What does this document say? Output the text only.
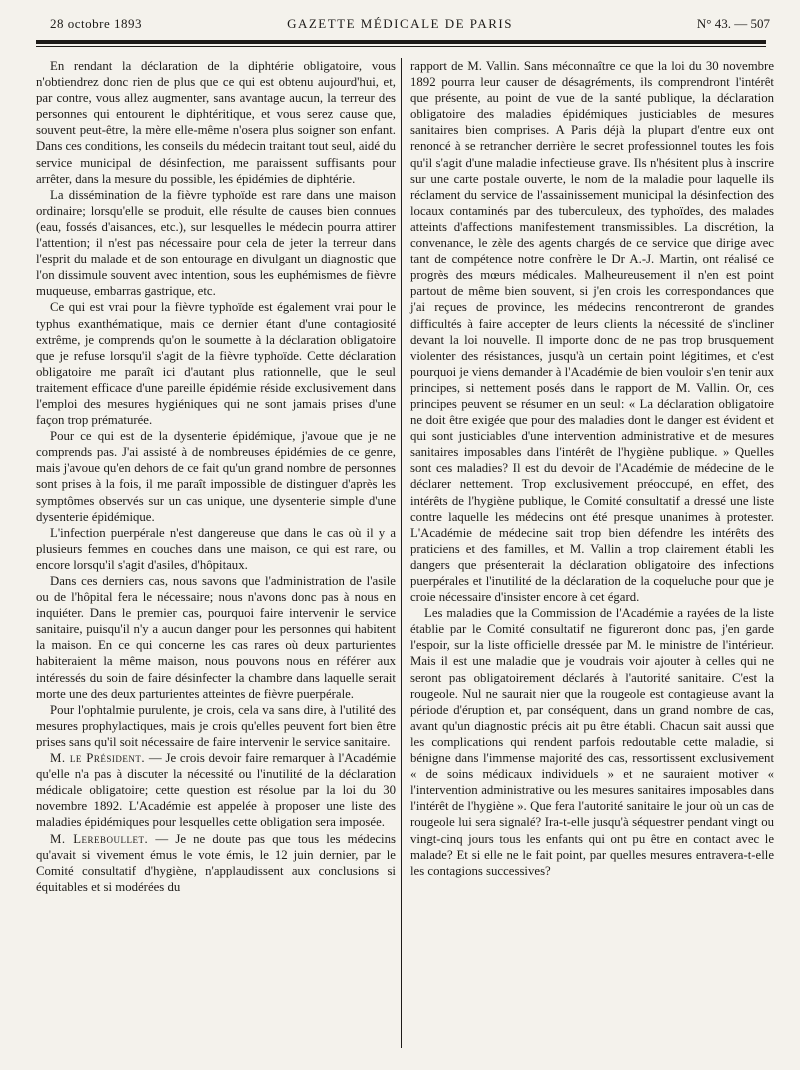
28 octobre 1893	GAZETTE MÉDICALE DE PARIS	N° 43. — 507

En rendant la déclaration de la diphtérie obligatoire, vous n'obtiendrez donc rien de plus que ce qui est obtenu aujourd'hui, et, par contre, vous allez augmenter, sans avantage aucun, la terreur des personnes qui entourent le diphtéritique, et vous serez cause que, souvent peut-être, la mère elle-même n'osera plus soigner son enfant. Dans ces conditions, les conseils du médecin traitant tout seul, aidé du service municipal de désinfection, me paraissent suffisants pour arrêter, dans la mesure du possible, les épidémies de diphtérie.

La dissémination de la fièvre typhoïde est rare dans une maison ordinaire; lorsqu'elle se produit, elle résulte de causes bien connues (eau, fossés d'aisances, etc.), sur lesquelles le médecin pourra attirer l'attention; il n'est pas nécessaire pour cela de jeter la terreur dans l'esprit du malade et de son entourage en divulgant un diagnostic que l'on dissimule souvent avec intention, sous les euphémismes de fièvre muqueuse, embarras gastrique, etc.

Ce qui est vrai pour la fièvre typhoïde est également vrai pour le typhus exanthématique, mais ce dernier étant d'une contagiosité extrême, je comprends qu'on le soumette à la déclaration obligatoire que je refuse lorsqu'il s'agit de la fièvre typhoïde. Cette déclaration obligatoire me paraît ici d'autant plus rationnelle, que le seul traitement efficace d'une pareille épidémie réside exclusivement dans l'emploi des mesures hygiéniques qui ne sont jamais prises d'une façon trop prématurée.

Pour ce qui est de la dysenterie épidémique, j'avoue que je ne comprends pas. J'ai assisté à de nombreuses épidémies de ce genre, mais j'avoue qu'en dehors de ce fait qu'un grand nombre de personnes sont prises à la fois, il me paraît impossible de distinguer d'après les symptômes observés sur un cas unique, une dysenterie simple d'une dysenterie épidémique.

L'infection puerpérale n'est dangereuse que dans le cas où il y a plusieurs femmes en couches dans une maison, ce qui est rare, ou encore lorsqu'il s'agit d'asiles, d'hôpitaux.

Dans ces derniers cas, nous savons que l'administration de l'asile ou de l'hôpital fera le nécessaire; nous n'avons donc pas à nous en inquiéter. Dans le premier cas, pourquoi faire intervenir le service sanitaire, puisqu'il n'y a aucun danger pour les personnes qui habitent la maison. En ce qui concerne les cas rares où deux parturientes habiteraient la même maison, nous pouvons nous en référer aux intéressés du soin de faire désinfecter la chambre dans laquelle serait morte une des deux parturientes atteintes de fièvre puerpérale.

Pour l'ophtalmie purulente, je crois, cela va sans dire, à l'utilité des mesures prophylactiques, mais je crois qu'elles peuvent fort bien être prises sans qu'il soit nécessaire de faire intervenir le service sanitaire.

M. le Président. — Je crois devoir faire remarquer à l'Académie qu'elle n'a pas à discuter la nécessité ou l'inutilité de la déclaration médicale obligatoire; cette question est résolue par la loi du 30 novembre 1892. L'Académie est appelée à proposer une liste des maladies épidémiques pour lesquelles cette obligation sera imposée.

M. Lereboullet. — Je ne doute pas que tous les médecins qu'avait si vivement émus le vote émis, le 12 juin dernier, par le Comité consultatif d'hygiène, n'applaudissent aux conclusions si équitables et si modérées du

rapport de M. Vallin. Sans méconnaître ce que la loi du 30 novembre 1892 pourra leur causer de désagréments, ils comprendront l'intérêt que présente, au point de vue de la santé publique, la déclaration obligatoire des maladies épidémiques justiciables de mesures sanitaires bien comprises. A Paris déjà la plupart d'entre eux ont renoncé à se retrancher derrière le secret professionnel toutes les fois qu'il s'agit d'une maladie infectieuse grave. Ils n'hésitent plus à inscrire sur une carte postale ouverte, le nom de la maladie pour laquelle ils réclament du service de l'assainissement municipal la désinfection des locaux contaminés par des tuberculeux, des typhoïdes, des malades atteints d'affections manifestement transmissibles. La discrétion, la convenance, le zèle des agents chargés de ce service que dirige avec tant de compétence notre confrère le Dr A.-J. Martin, ont réalisé ce progrès des mœurs médicales. Malheureusement il n'en est point partout de même bien souvent, si j'en crois les correspondances que j'ai reçues de province, les médecins rencontreront de grandes difficultés à faire accepter de leurs clients la nécessité de s'incliner devant la loi nouvelle. Il importe donc de ne pas trop brusquement violenter des résistances, jusqu'à un certain point légitimes, et c'est pourquoi je viens demander à l'Académie de bien vouloir s'en tenir aux principes, si nettement posés dans le rapport de M. Vallin. Or, ces principes peuvent se résumer en un seul: « La déclaration obligatoire ne doit être exigée que pour des maladies dont le danger est évident et qui sont justiciables d'une intervention administrative et de mesures sanitaires imposables dans l'intérêt de l'hygiène publique. » Quelles sont ces maladies? Il est du devoir de l'Académie de médecine de le déclarer nettement. Trop exclusivement préoccupé, en effet, des intérêts de l'hygiène publique, le Comité consultatif a dressé une liste contre laquelle les médecins ont été presque unanimes à protester. L'Académie de médecine sait trop bien défendre les intérêts des praticiens et des familles, et M. Vallin a trop clairement établi les dangers que présenterait la déclaration obligatoire des infections puerpérales et l'inutilité de la déclaration de la coqueluche pour que je croie nécessaire d'insister encore à cet égard.

Les maladies que la Commission de l'Académie a rayées de la liste établie par le Comité consultatif ne figureront donc pas, j'en garde l'espoir, sur la liste officielle dressée par M. le ministre de l'intérieur. Mais il est une maladie que je voudrais voir ajouter à celles qui ne seront pas obligatoirement déclarés à l'autorité sanitaire. C'est la rougeole. Nul ne saurait nier que la rougeole est contagieuse avant la période d'éruption et, par conséquent, dans un grand nombre de cas, avant qu'un diagnostic précis ait pu être établi. Chacun sait aussi que les complications qui rendent parfois redoutable cette maladie, si bénigne dans l'immense majorité des cas, ressortissent exclusivement « de soins médicaux individuels » et ne sauraient motiver « l'intervention administrative ou les mesures sanitaires imposables dans l'intérêt de l'hygiène ». Que fera l'autorité sanitaire le jour où un cas de rougeole lui sera signalé? Ira-t-elle jusqu'à séquestrer pendant vingt ou vingt-cinq jours tous les enfants qui ont pu être en contact avec le malade? Et si elle ne le fait point, par quelles mesures entravera-t-elle les contagions successives?
